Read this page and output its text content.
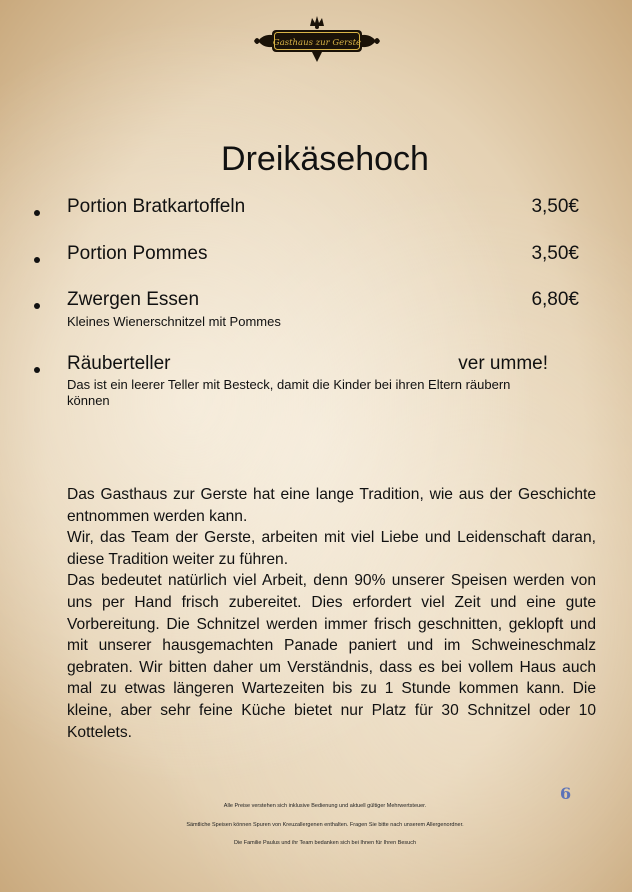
Gasthaus zur Gerste
Dreikäsehoch
Portion Bratkartoffeln	3,50€
Portion Pommes	3,50€
Zwergen Essen	6,80€
Kleines Wienerschnitzel mit Pommes
Räuberteller	ver umme!
Das ist ein leerer Teller mit Besteck, damit die Kinder bei ihren Eltern räubern können

Das Gasthaus zur Gerste hat eine lange Tradition, wie aus der Geschichte entnommen werden kann.

Wir, das Team der Gerste, arbeiten mit viel Liebe und Leidenschaft daran, diese Tradition weiter zu führen.

Das bedeutet natürlich viel Arbeit, denn 90% unserer Speisen werden von uns per Hand frisch zubereitet. Dies erfordert viel Zeit und eine gute Vorbereitung. Die Schnitzel werden immer frisch geschnitten, geklopft und mit unserer hausgemachten Panade paniert und im Schweineschmalz gebraten. Wir bitten daher um Verständnis, dass es bei vollem Haus auch mal zu etwas längeren Wartezeiten bis zu 1 Stunde kommen kann. Die kleine, aber sehr feine Küche bietet nur Platz für 30 Schnitzel oder 10 Kottelets.

6
Alle Preise verstehen sich inklusive Bedienung und aktuell gültiger Mehrwertsteuer.
Sämtliche Speisen können Spuren von Kreuzallergenen enthalten. Fragen Sie bitte nach unserem Allergenordner.
Die Familie Paulus und ihr Team bedanken sich bei Ihnen für Ihren Besuch
